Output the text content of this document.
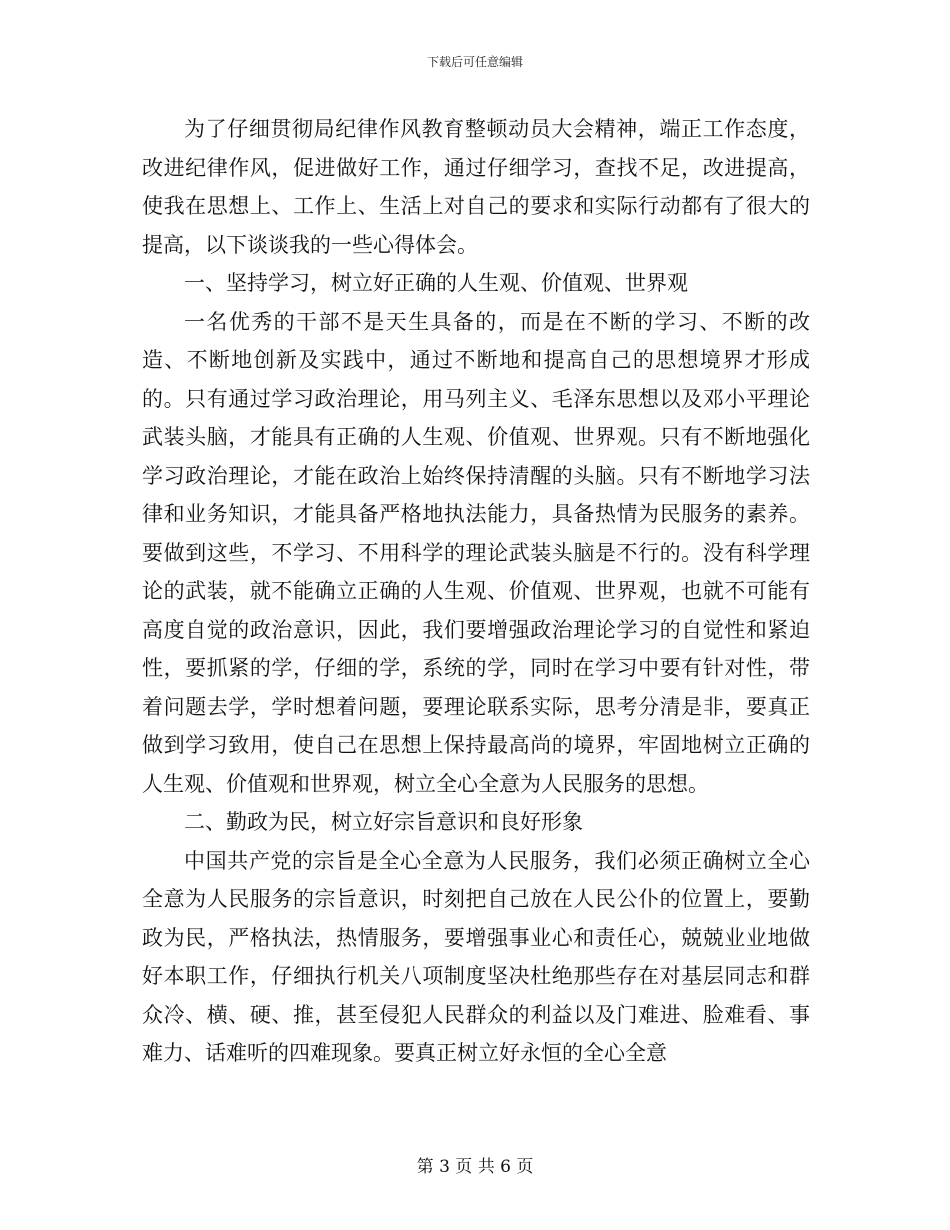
下载后可任意编辑

为了仔细贯彻局纪律作风教育整顿动员大会精神，端正工作态度，改进纪律作风，促进做好工作，通过仔细学习，查找不足，改进提高，使我在思想上、工作上、生活上对自己的要求和实际行动都有了很大的提高，以下谈谈我的一些心得体会。

一、坚持学习，树立好正确的人生观、价值观、世界观

一名优秀的干部不是天生具备的，而是在不断的学习、不断的改造、不断地创新及实践中，通过不断地和提高自己的思想境界才形成的。只有通过学习政治理论，用马列主义、毛泽东思想以及邓小平理论武装头脑，才能具有正确的人生观、价值观、世界观。只有不断地强化学习政治理论，才能在政治上始终保持清醒的头脑。只有不断地学习法律和业务知识，才能具备严格地执法能力，具备热情为民服务的素养。要做到这些，不学习、不用科学的理论武装头脑是不行的。没有科学理论的武装，就不能确立正确的人生观、价值观、世界观，也就不可能有高度自觉的政治意识，因此，我们要增强政治理论学习的自觉性和紧迫性，要抓紧的学，仔细的学，系统的学，同时在学习中要有针对性，带着问题去学，学时想着问题，要理论联系实际，思考分清是非，要真正做到学习致用，使自己在思想上保持最高尚的境界，牢固地树立正确的人生观、价值观和世界观，树立全心全意为人民服务的思想。

二、勤政为民，树立好宗旨意识和良好形象

中国共产党的宗旨是全心全意为人民服务，我们必须正确树立全心全意为人民服务的宗旨意识，时刻把自己放在人民公仆的位置上，要勤政为民，严格执法，热情服务，要增强事业心和责任心，兢兢业业地做好本职工作，仔细执行机关八项制度坚决杜绝那些存在对基层同志和群众冷、横、硬、推，甚至侵犯人民群众的利益以及门难进、脸难看、事难力、话难听的四难现象。要真正树立好永恒的全心全意

第 3 页 共 6 页
